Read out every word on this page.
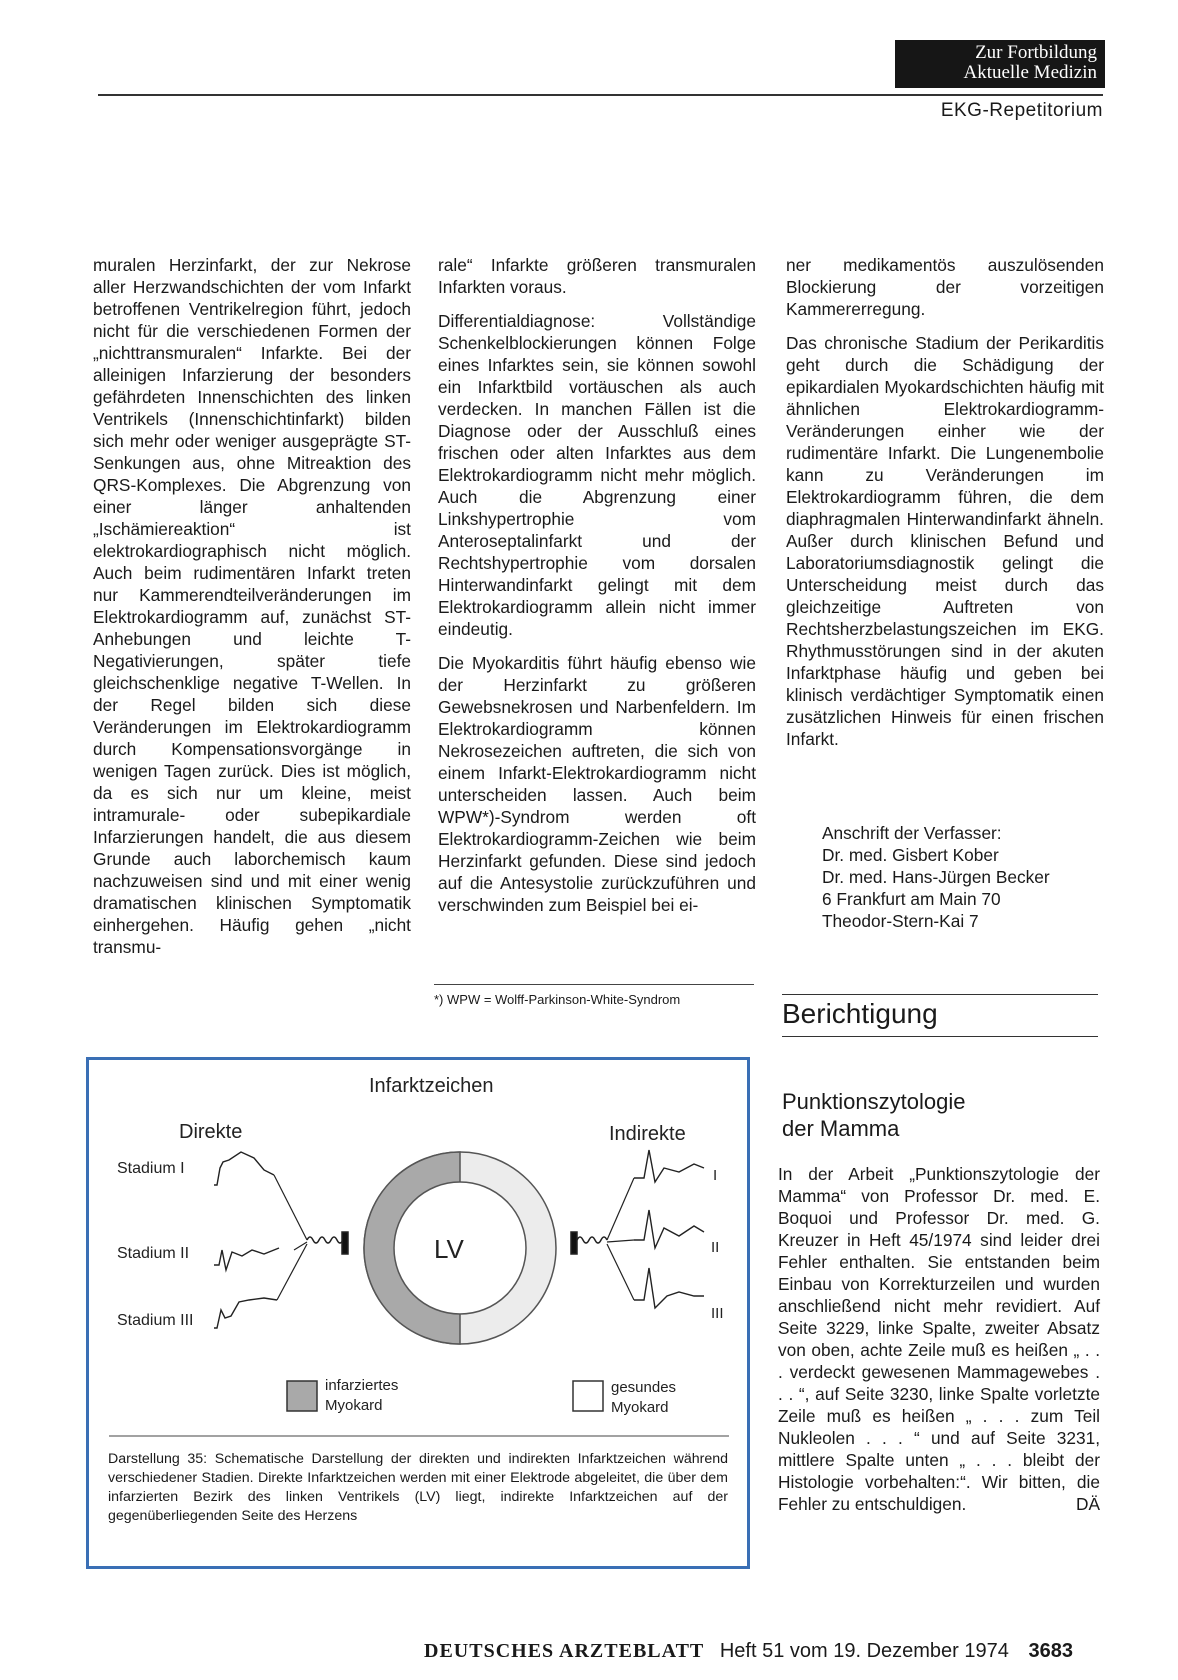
Zur Fortbildung
Aktuelle Medizin
EKG-Repetitorium

muralen Herzinfarkt, der zur Nekrose aller Herzwandschichten der vom Infarkt betroffenen Ventrikelregion führt, jedoch nicht für die verschiedenen Formen der „nichttransmuralen“ Infarkte. Bei der alleinigen Infarzierung der besonders gefährdeten Innenschichten des linken Ventrikels (Innenschichtinfarkt) bilden sich mehr oder weniger ausgeprägte ST-Senkungen aus, ohne Mitreaktion des QRS-Komplexes. Die Abgrenzung von einer länger anhaltenden „Ischämiereaktion“ ist elektrokardiographisch nicht möglich. Auch beim rudimentären Infarkt treten nur Kammerendteilveränderungen im Elektrokardiogramm auf, zunächst ST-Anhebungen und leichte T-Negativierungen, später tiefe gleichschenklige negative T-Wellen. In der Regel bilden sich diese Veränderungen im Elektrokardiogramm durch Kompensationsvorgänge in wenigen Tagen zurück. Dies ist möglich, da es sich nur um kleine, meist intramurale- oder subepikardiale Infarzierungen handelt, die aus diesem Grunde auch laborchemisch kaum nachzuweisen sind und mit einer wenig dramatischen klinischen Symptomatik einhergehen. Häufig gehen „nicht transmu-

rale“ Infarkte größeren transmuralen Infarkten voraus.

Differentialdiagnose: Vollständige Schenkelblockierungen können Folge eines Infarktes sein, sie können sowohl ein Infarktbild vortäuschen als auch verdecken. In manchen Fällen ist die Diagnose oder der Ausschluß eines frischen oder alten Infarktes aus dem Elektrokardiogramm nicht mehr möglich. Auch die Abgrenzung einer Linkshypertrophie vom Anteroseptalinfarkt und der Rechtshypertrophie vom dorsalen Hinterwandinfarkt gelingt mit dem Elektrokardiogramm allein nicht immer eindeutig.

Die Myokarditis führt häufig ebenso wie der Herzinfarkt zu größeren Gewebsnekrosen und Narbenfeldern. Im Elektrokardiogramm können Nekrosezeichen auftreten, die sich von einem Infarkt-Elektrokardiogramm nicht unterscheiden lassen. Auch beim WPW*)-Syndrom werden oft Elektrokardiogramm-Zeichen wie beim Herzinfarkt gefunden. Diese sind jedoch auf die Antesystolie zurückzuführen und verschwinden zum Beispiel bei ei-

*) WPW = Wolff-Parkinson-White-Syndrom

ner medikamentös auszulösenden Blockierung der vorzeitigen Kammererregung.

Das chronische Stadium der Perikarditis geht durch die Schädigung der epikardialen Myokardschichten häufig mit ähnlichen Elektrokardiogramm-Veränderungen einher wie der rudimentäre Infarkt. Die Lungenembolie kann zu Veränderungen im Elektrokardiogramm führen, die dem diaphragmalen Hinterwandinfarkt ähneln. Außer durch klinischen Befund und Laboratoriumsdiagnostik gelingt die Unterscheidung meist durch das gleichzeitige Auftreten von Rechtsherzbelastungszeichen im EKG. Rhythmusstörungen sind in der akuten Infarktphase häufig und geben bei klinisch verdächtiger Symptomatik einen zusätzlichen Hinweis für einen frischen Infarkt.

Anschrift der Verfasser:
Dr. med. Gisbert Kober
Dr. med. Hans-Jürgen Becker
6 Frankfurt am Main 70
Theodor-Stern-Kai 7
Berichtigung
Punktionszytologie
der Mamma
In der Arbeit „Punktionszytologie der Mamma“ von Professor Dr. med. E. Boquoi und Professor Dr. med. G. Kreuzer in Heft 45/1974 sind leider drei Fehler enthalten. Sie entstanden beim Einbau von Korrekturzeilen und wurden anschließend nicht mehr revidiert. Auf Seite 3229, linke Spalte, zweiter Absatz von oben, achte Zeile muß es heißen „ . . . verdeckt gewesenen Mammagewebes . . . “, auf Seite 3230, linke Spalte vorletzte Zeile muß es heißen „ . . . zum Teil Nukleolen . . . “ und auf Seite 3231, mittlere Spalte unten „ . . . bleibt der Histologie vorbehalten:“. Wir bitten, die Fehler zu entschuldigen.	DÄ
Infarktzeichen
Direkte	Indirekte
Stadium I
Stadium II
Stadium III
I
II
III
LV
infarziertes
Myokard
gesundes
Myokard
Darstellung 35: Schematische Darstellung der direkten und indirekten Infarktzeichen während verschiedener Stadien. Direkte Infarktzeichen werden mit einer Elektrode abgeleitet, die über dem infarzierten Bezirk des linken Ventrikels (LV) liegt, indirekte Infarktzeichen auf der gegenüberliegenden Seite des Herzens
DEUTSCHES ARZTEBLATT Heft 51 vom 19. Dezember 1974 3683
